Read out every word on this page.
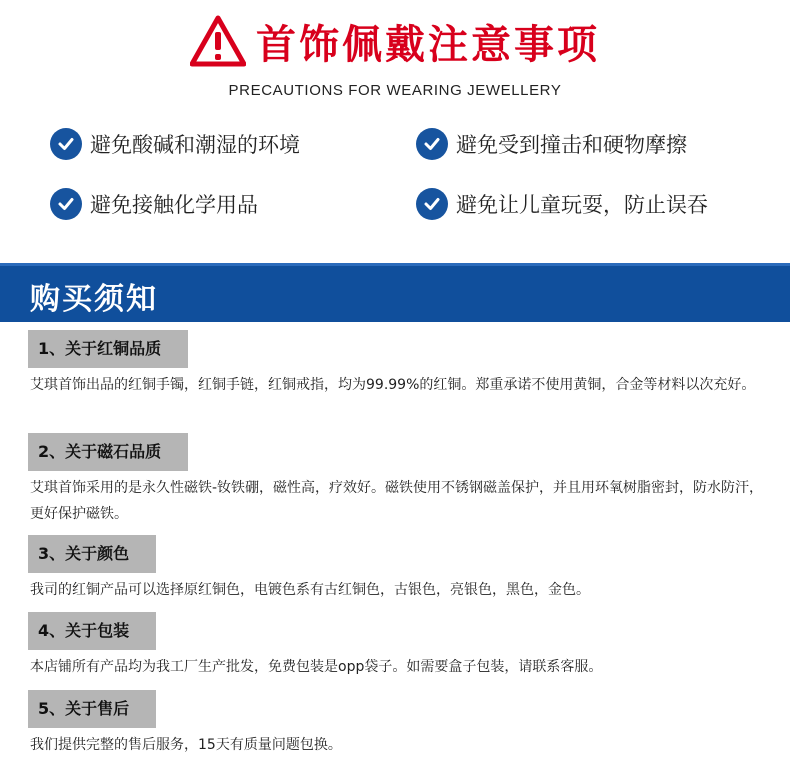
首饰佩戴注意事项
PRECAUTIONS FOR WEARING JEWELLERY
避免酸碱和潮湿的环境	避免受到撞击和硬物摩擦
避免接触化学用品	避免让儿童玩耍，防止误吞
购买须知
1、关于红铜品质
艾琪首饰出品的红铜手镯，红铜手链，红铜戒指，均为99.99%的红铜。郑重承诺不使用黄铜，合金等材料以次充好。
2、关于磁石品质
艾琪首饰采用的是永久性磁铁-钕铁硼，磁性高，疗效好。磁铁使用不锈钢磁盖保护，并且用环氧树脂密封，防水防汗，更好保护磁铁。
3、关于颜色
我司的红铜产品可以选择原红铜色，电镀色系有古红铜色，古银色，亮银色，黑色，金色。
4、关于包装
本店铺所有产品均为我工厂生产批发，免费包装是opp袋子。如需要盒子包装，请联系客服。
5、关于售后
我们提供完整的售后服务，15天有质量问题包换。
